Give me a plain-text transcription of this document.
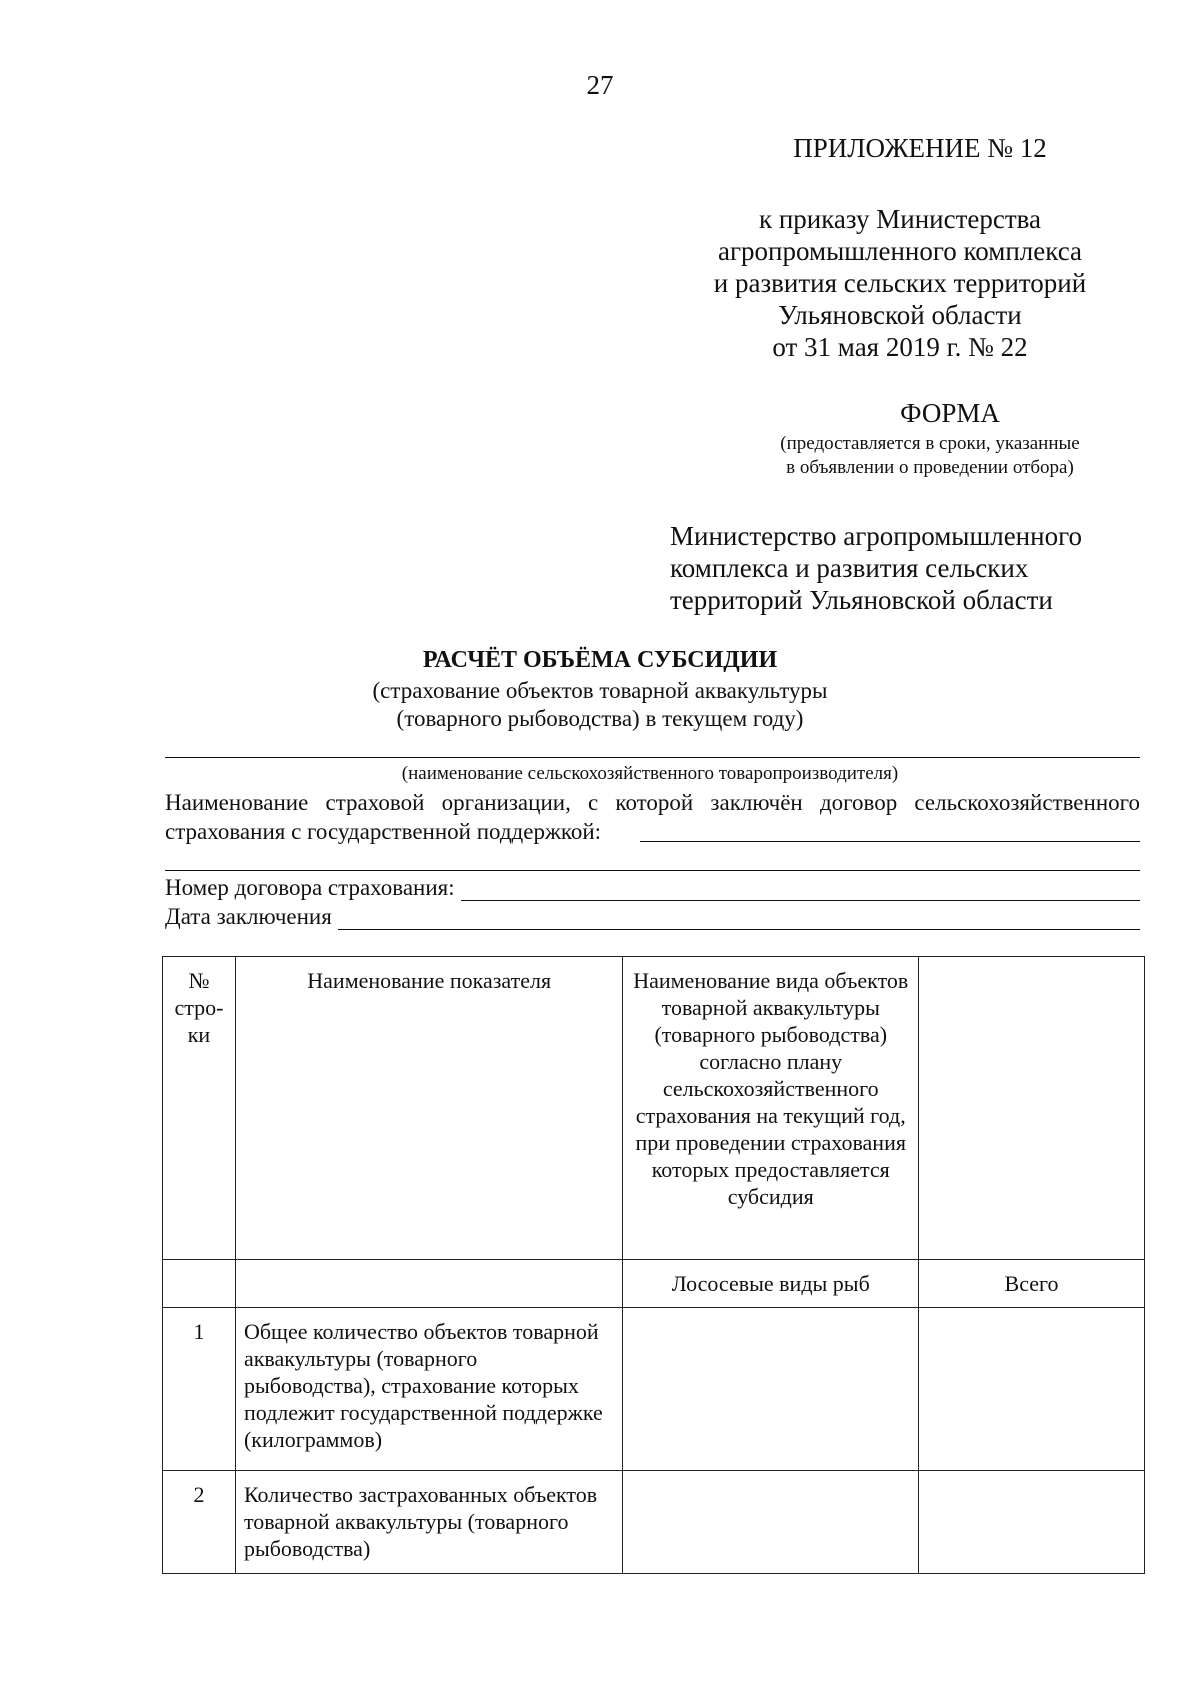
27
ПРИЛОЖЕНИЕ № 12
к приказу Министерства
агропромышленного комплекса
и развития сельских территорий
Ульяновской области
от 31 мая 2019 г. № 22
ФОРМА
(предоставляется в сроки, указанные
в объявлении о проведении отбора)
Министерство агропромышленного
комплекса и развития сельских
территорий Ульяновской области
РАСЧЁТ ОБЪЁМА СУБСИДИИ
(страхование объектов товарной аквакультуры
(товарного рыбоводства) в текущем году)
(наименование сельскохозяйственного товаропроизводителя)
Наименование страховой организации, с которой заключён договор сельскохозяйственного страхования с государственной поддержкой:
Номер договора страхования:
Дата заключения
№ стро-ки	Наименование показателя	Наименование вида объектов товарной аквакультуры (товарного рыбоводства) согласно плану сельскохозяйственного страхования на текущий год, при проведении страхования которых предоставляется субсидия	
		Лососевые виды рыб	Всего
1	Общее количество объектов товарной аквакультуры (товарного рыбоводства), страхование которых подлежит государственной поддержке (килограммов)		
2	Количество застрахованных объектов товарной аквакультуры (товарного рыбоводства)		
